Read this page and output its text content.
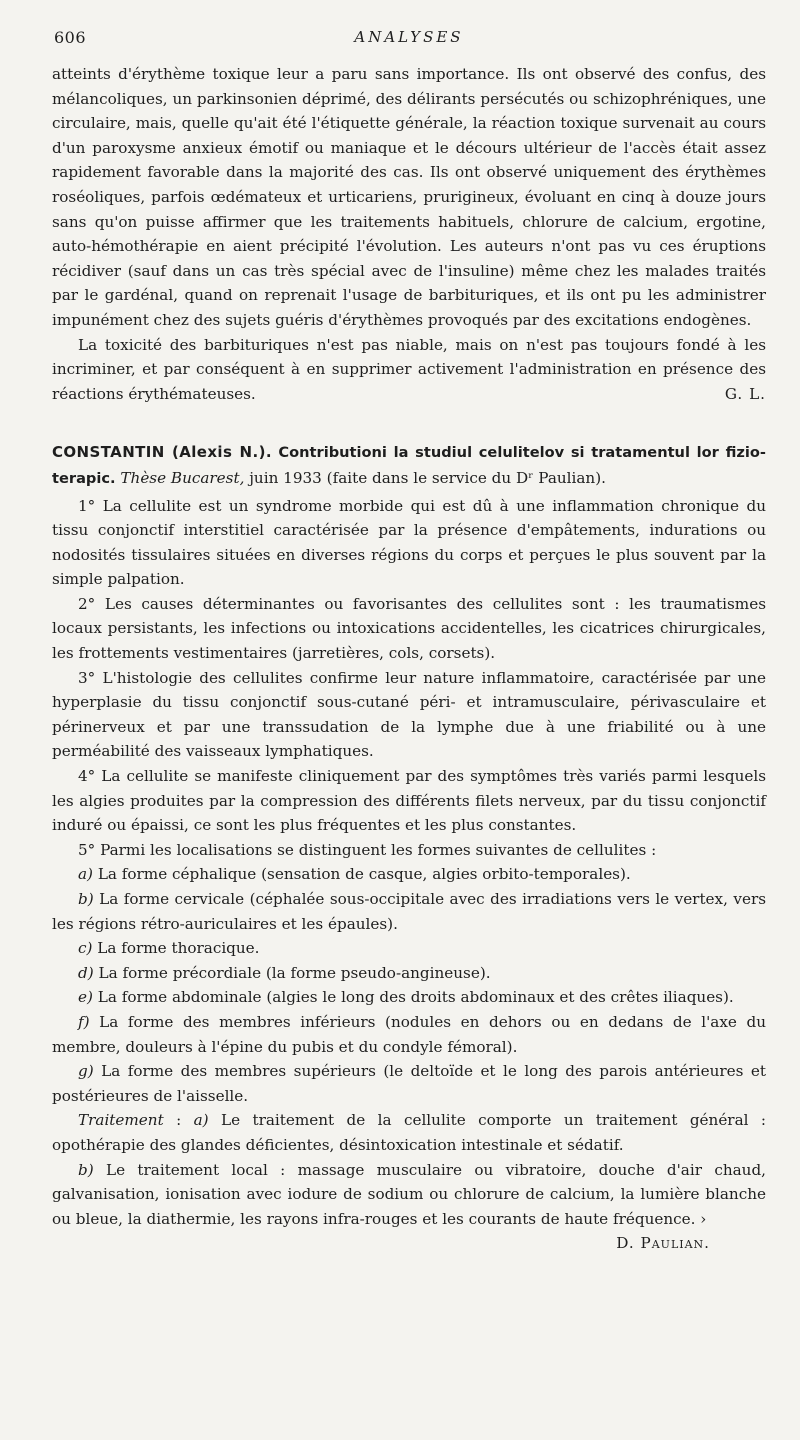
606	ANALYSES

atteints d'érythème toxique leur a paru sans importance. Ils ont observé des confus, des mélancoliques, un parkinsonien déprimé, des délirants persécutés ou schizophréniques, une circulaire, mais, quelle qu'ait été l'étiquette générale, la réaction toxique survenait au cours d'un paroxysme anxieux émotif ou maniaque et le décours ultérieur de l'accès était assez rapidement favorable dans la majorité des cas. Ils ont observé uniquement des érythèmes roséoliques, parfois œdémateux et urticariens, prurigineux, évoluant en cinq à douze jours sans qu'on puisse affirmer que les traitements habituels, chlorure de calcium, ergotine, auto-hémothérapie en aient précipité l'évolution. Les auteurs n'ont pas vu ces éruptions récidiver (sauf dans un cas très spécial avec de l'insuline) même chez les malades traités par le gardénal, quand on reprenait l'usage de barbituriques, et ils ont pu les administrer impunément chez des sujets guéris d'érythèmes provoqués par des excitations endogènes.

La toxicité des barbituriques n'est pas niable, mais on n'est pas toujours fondé à les incriminer, et par conséquent à en supprimer activement l'administration en présence des réactions érythémateuses.	G. L.

CONSTANTIN (Alexis N.). Contributioni la studiul celulitelov si tratamentul lor fizio-terapic. Thèse Bucarest, juin 1933 (faite dans le service du Dʳ Paulian).

1° La cellulite est un syndrome morbide qui est dû à une inflammation chronique du tissu conjonctif interstitiel caractérisée par la présence d'empâtements, indurations ou nodosités tissulaires situées en diverses régions du corps et perçues le plus souvent par la simple palpation.

2° Les causes déterminantes ou favorisantes des cellulites sont : les traumatismes locaux persistants, les infections ou intoxications accidentelles, les cicatrices chirurgicales, les frottements vestimentaires (jarretières, cols, corsets).

3° L'histologie des cellulites confirme leur nature inflammatoire, caractérisée par une hyperplasie du tissu conjonctif sous-cutané péri- et intramusculaire, périvasculaire et périnerveux et par une transsudation de la lymphe due à une friabilité ou à une perméabilité des vaisseaux lymphatiques.

4° La cellulite se manifeste cliniquement par des symptômes très variés parmi lesquels les algies produites par la compression des différents filets nerveux, par du tissu conjonctif induré ou épaissi, ce sont les plus fréquentes et les plus constantes.

5° Parmi les localisations se distinguent les formes suivantes de cellulites :

a) La forme céphalique (sensation de casque, algies orbito-temporales).

b) La forme cervicale (céphalée sous-occipitale avec des irradiations vers le vertex, vers les régions rétro-auriculaires et les épaules).

c) La forme thoracique.

d) La forme précordiale (la forme pseudo-angineuse).

e) La forme abdominale (algies le long des droits abdominaux et des crêtes iliaques).

f) La forme des membres inférieurs (nodules en dehors ou en dedans de l'axe du membre, douleurs à l'épine du pubis et du condyle fémoral).

g) La forme des membres supérieurs (le deltoïde et le long des parois antérieures et postérieures de l'aisselle.

Traitement : a) Le traitement de la cellulite comporte un traitement général : opothérapie des glandes déficientes, désintoxication intestinale et sédatif.

b) Le traitement local : massage musculaire ou vibratoire, douche d'air chaud, galvanisation, ionisation avec iodure de sodium ou chlorure de calcium, la lumière blanche ou bleue, la diathermie, les rayons infra-rouges et les courants de haute fréquence. ›
D. Paulian.
